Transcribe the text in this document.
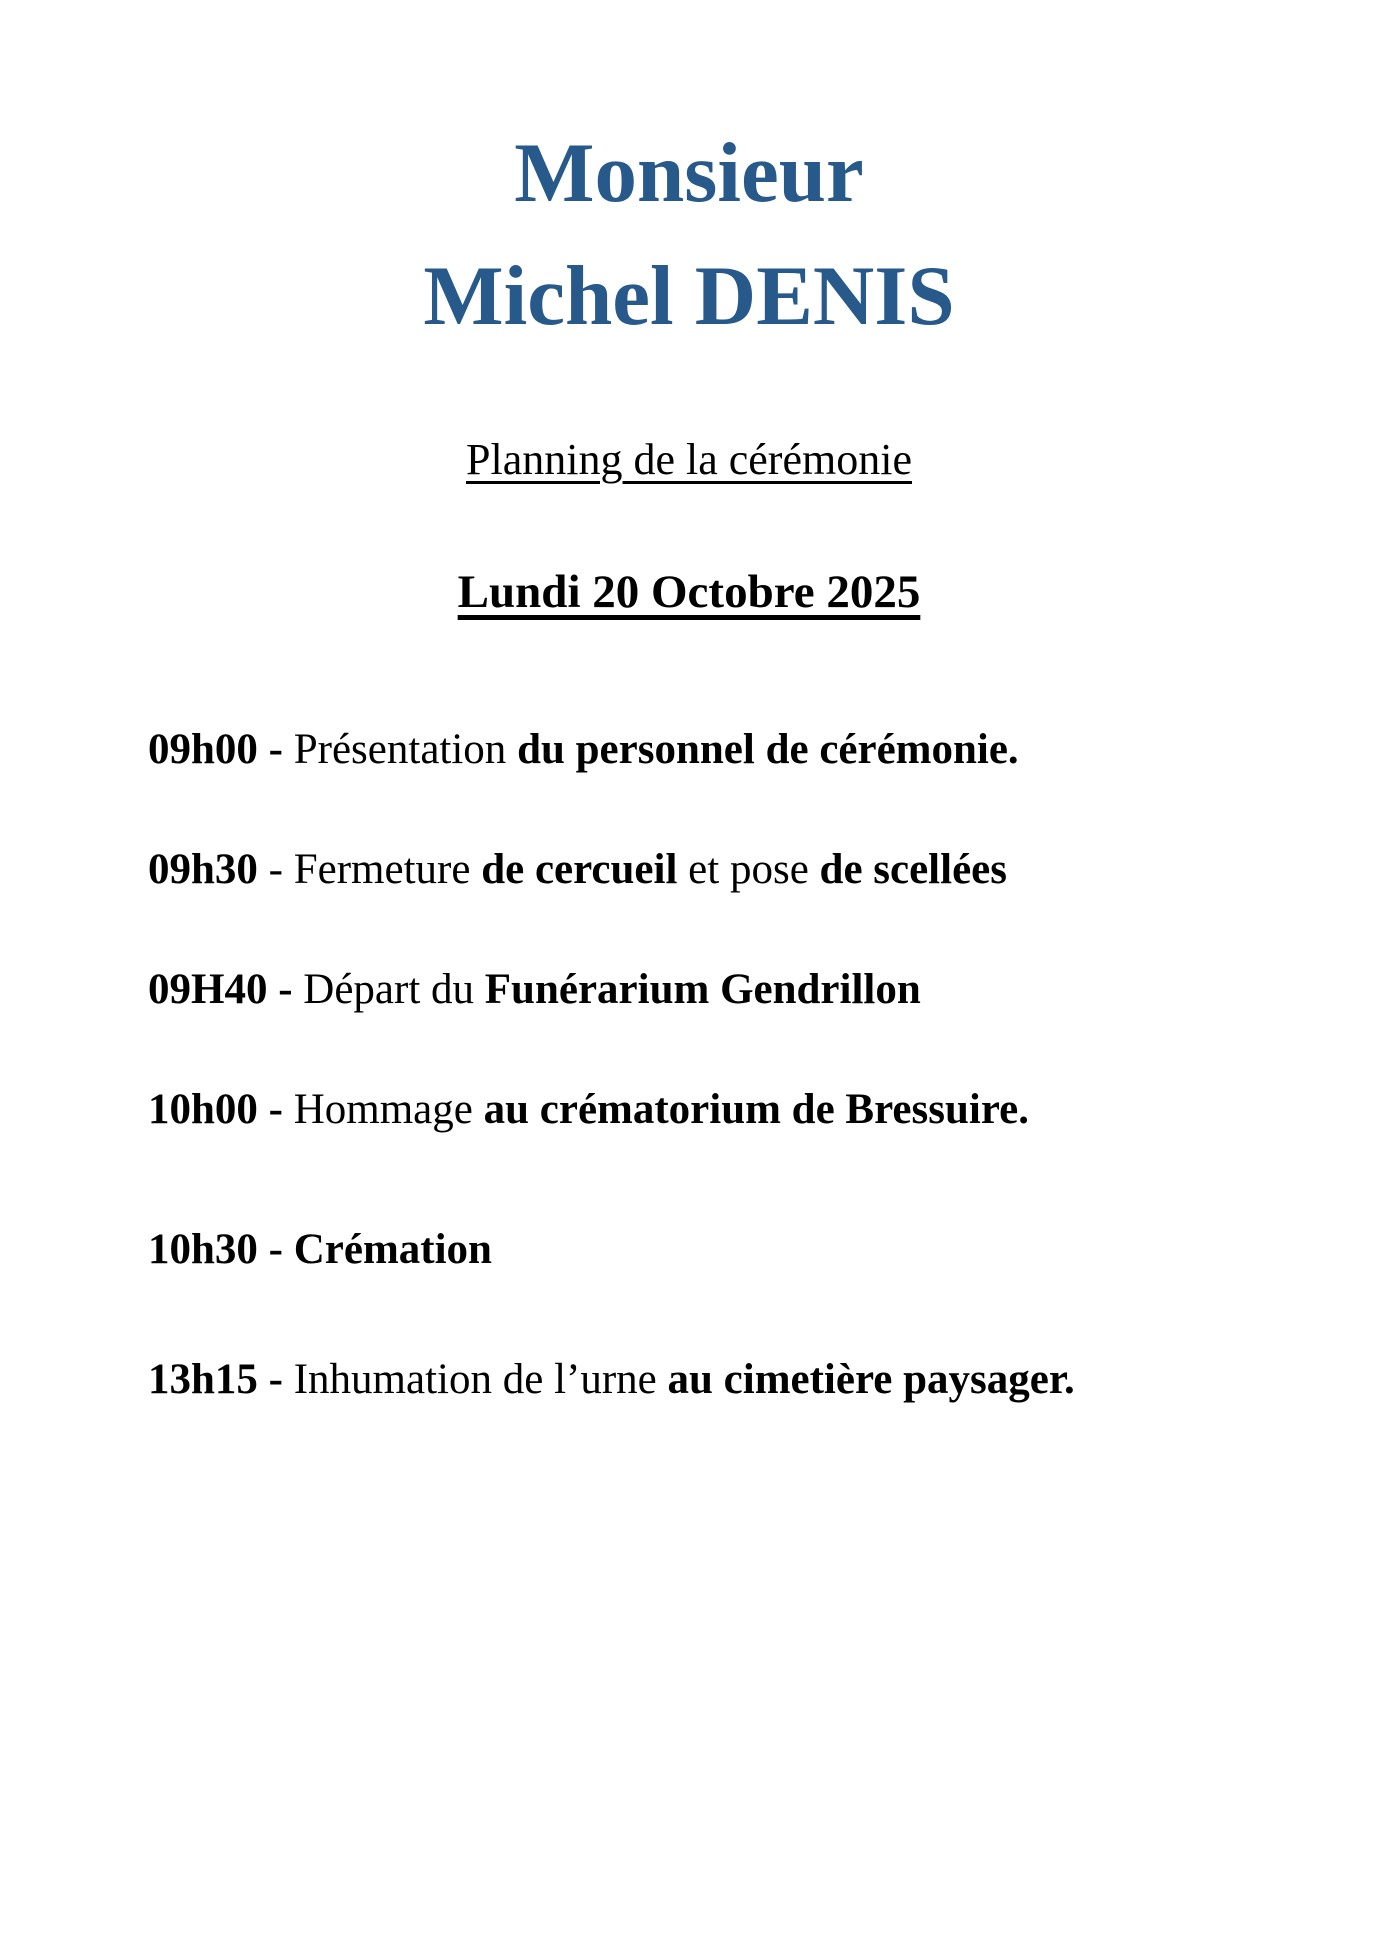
Monsieur
Michel DENIS

Planning de la cérémonie

Lundi 20 Octobre 2025

09h00 - Présentation du personnel de cérémonie.

09h30 - Fermeture de cercueil et pose de scellées

09H40 - Départ du Funérarium Gendrillon

10h00 - Hommage au crématorium de Bressuire.

10h30 - Crémation

13h15 - Inhumation de l’urne au cimetière paysager.
